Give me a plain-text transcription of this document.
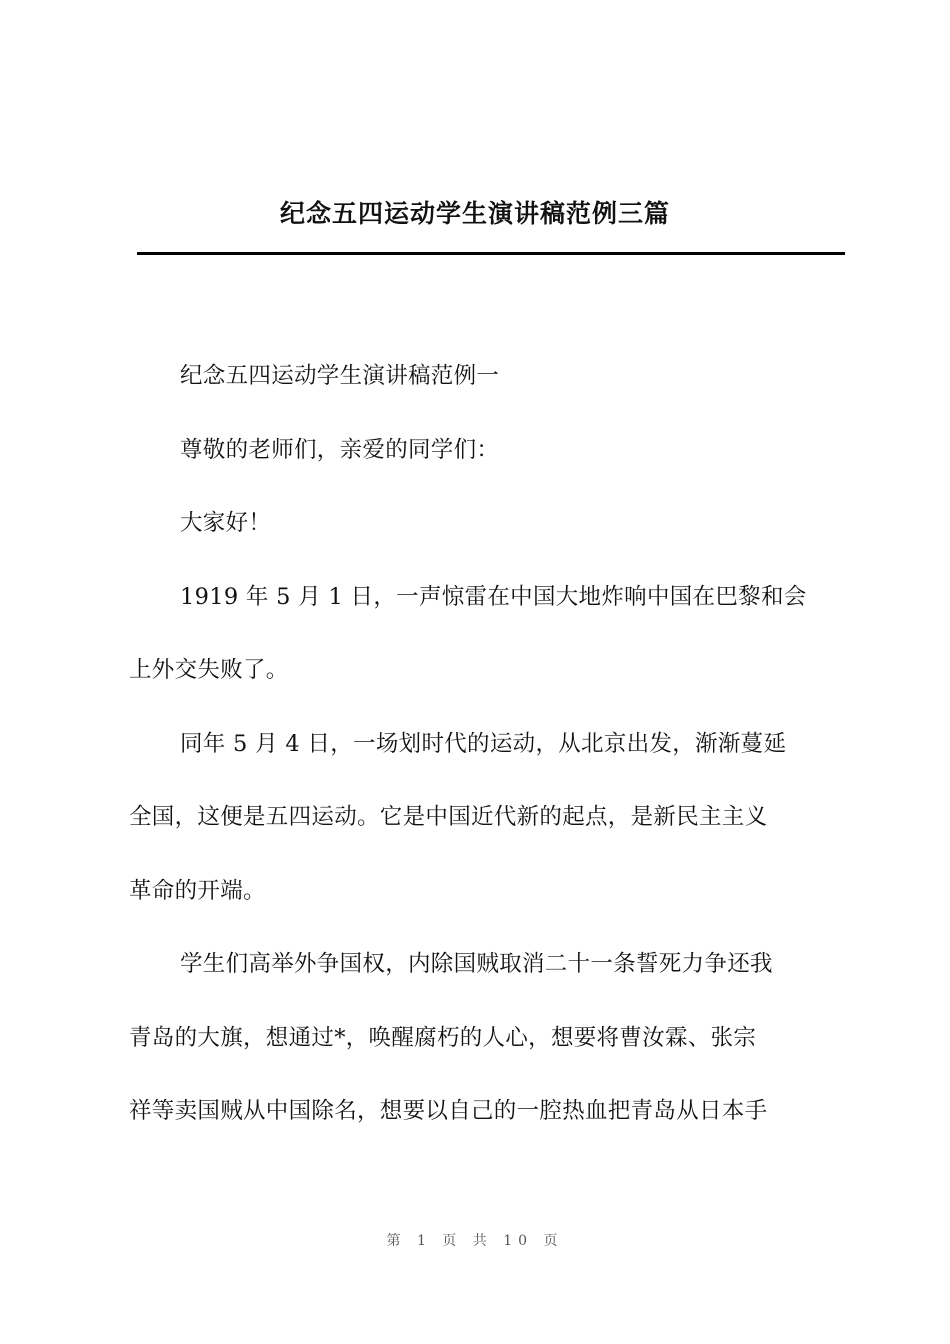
纪念五四运动学生演讲稿范例三篇
纪念五四运动学生演讲稿范例一
尊敬的老师们，亲爱的同学们：
大家好！
1919 年 5 月 1 日，一声惊雷在中国大地炸响中国在巴黎和会
上外交失败了。
同年 5 月 4 日，一场划时代的运动，从北京出发，渐渐蔓延
全国，这便是五四运动。它是中国近代新的起点，是新民主主义
革命的开端。
学生们高举外争国权，内除国贼取消二十一条誓死力争还我
青岛的大旗，想通过*，唤醒腐朽的人心，想要将曹汝霖、张宗
祥等卖国贼从中国除名，想要以自己的一腔热血把青岛从日本手
第 1 页 共 10 页
